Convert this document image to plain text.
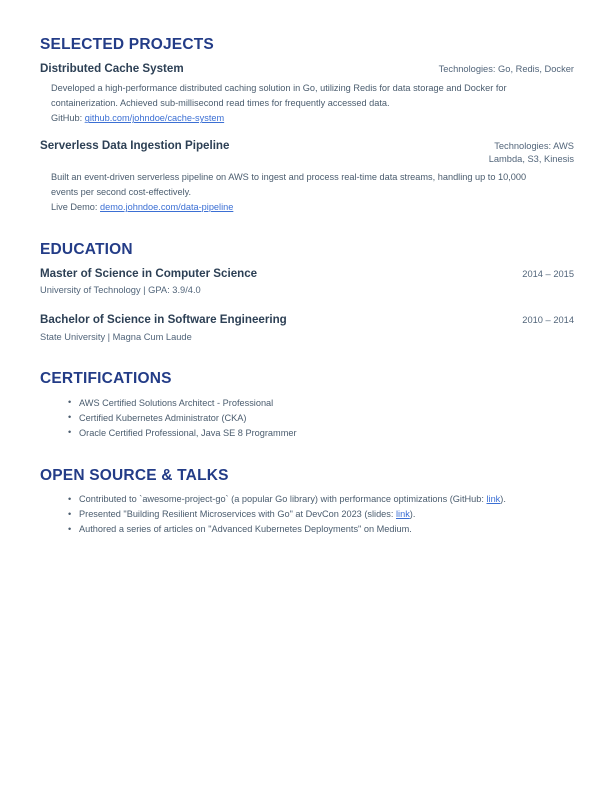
SELECTED PROJECTS
Distributed Cache System	Technologies: Go, Redis, Docker

Developed a high-performance distributed caching solution in Go, utilizing Redis for data storage and Docker for containerization. Achieved sub-millisecond read times for frequently accessed data.

GitHub: github.com/johndoe/cache-system

Serverless Data Ingestion Pipeline	Technologies: AWS Lambda, S3, Kinesis

Built an event-driven serverless pipeline on AWS to ingest and process real-time data streams, handling up to 10,000 events per second cost-effectively.

Live Demo: demo.johndoe.com/data-pipeline

EDUCATION
Master of Science in Computer Science	2014 – 2015
University of Technology | GPA: 3.9/4.0
Bachelor of Science in Software Engineering	2010 – 2014
State University | Magna Cum Laude
CERTIFICATIONS
• AWS Certified Solutions Architect - Professional
• Certified Kubernetes Administrator (CKA)
• Oracle Certified Professional, Java SE 8 Programmer
OPEN SOURCE & TALKS
• Contributed to `awesome-project-go` (a popular Go library) with performance optimizations (GitHub: link).
• Presented "Building Resilient Microservices with Go" at DevCon 2023 (slides: link).
• Authored a series of articles on "Advanced Kubernetes Deployments" on Medium.
